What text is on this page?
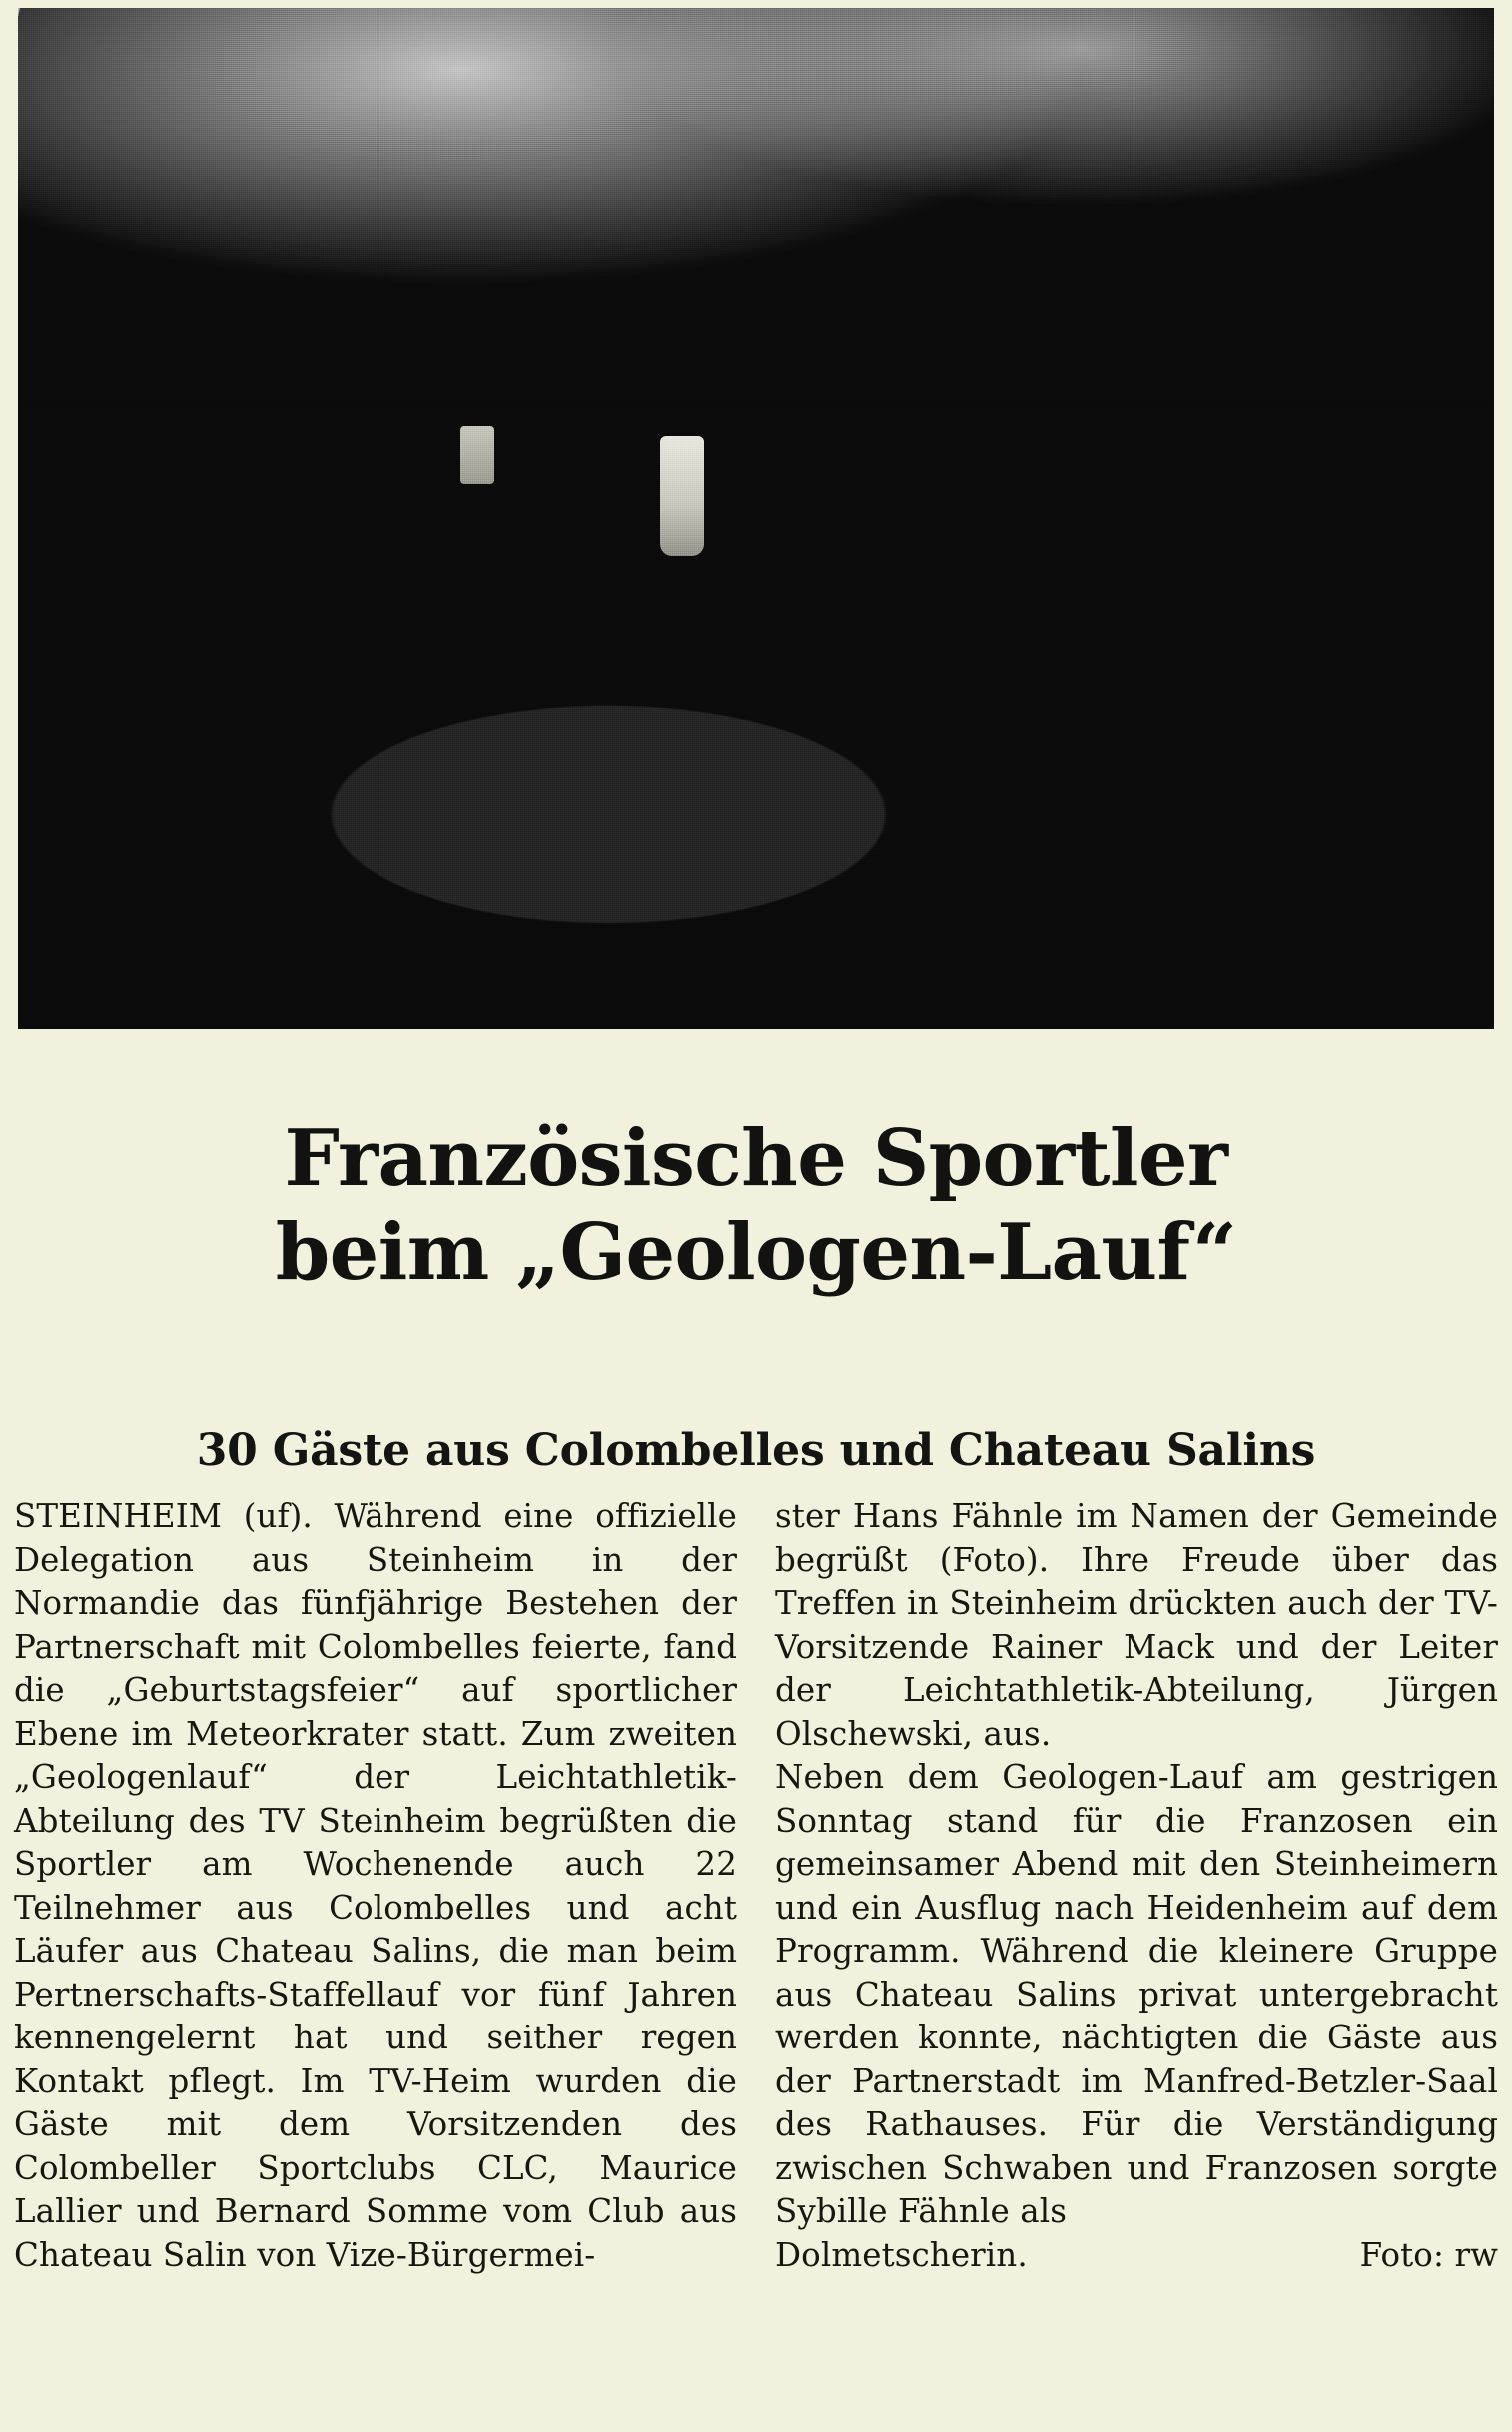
Französische Sportler
beim „Geologen-Lauf“
30 Gäste aus Colombelles und Chateau Salins

STEINHEIM (uf). Während eine offizielle Delegation aus Steinheim in der Normandie das fünfjährige Bestehen der Partnerschaft mit Colombelles feierte, fand die „Geburtstagsfeier“ auf sportlicher Ebene im Meteorkrater statt. Zum zweiten „Geologenlauf“ der Leichtathletik-Abteilung des TV Steinheim begrüßten die Sportler am Wochenende auch 22 Teilnehmer aus Colombelles und acht Läufer aus Chateau Salins, die man beim Pertnerschafts-Staffellauf vor fünf Jahren kennengelernt hat und seither regen Kontakt pflegt. Im TV-Heim wurden die Gäste mit dem Vorsitzenden des Colombeller Sportclubs CLC, Maurice Lallier und Bernard Somme vom Club aus Chateau Salin von Vize-Bürgermei-

ster Hans Fähnle im Namen der Gemeinde begrüßt (Foto). Ihre Freude über das Treffen in Steinheim drückten auch der TV-Vorsitzende Rainer Mack und der Leiter der Leichtathletik-Abteilung, Jürgen Olschewski, aus.

Neben dem Geologen-Lauf am gestrigen Sonntag stand für die Franzosen ein gemeinsamer Abend mit den Steinheimern und ein Ausflug nach Heidenheim auf dem Programm. Während die kleinere Gruppe aus Chateau Salins privat untergebracht werden konnte, nächtigten die Gäste aus der Partnerstadt im Manfred-Betzler-Saal des Rathauses. Für die Verständigung zwischen Schwaben und Franzosen sorgte Sybille Fähnle als

Dolmetscherin.	Foto: rw
